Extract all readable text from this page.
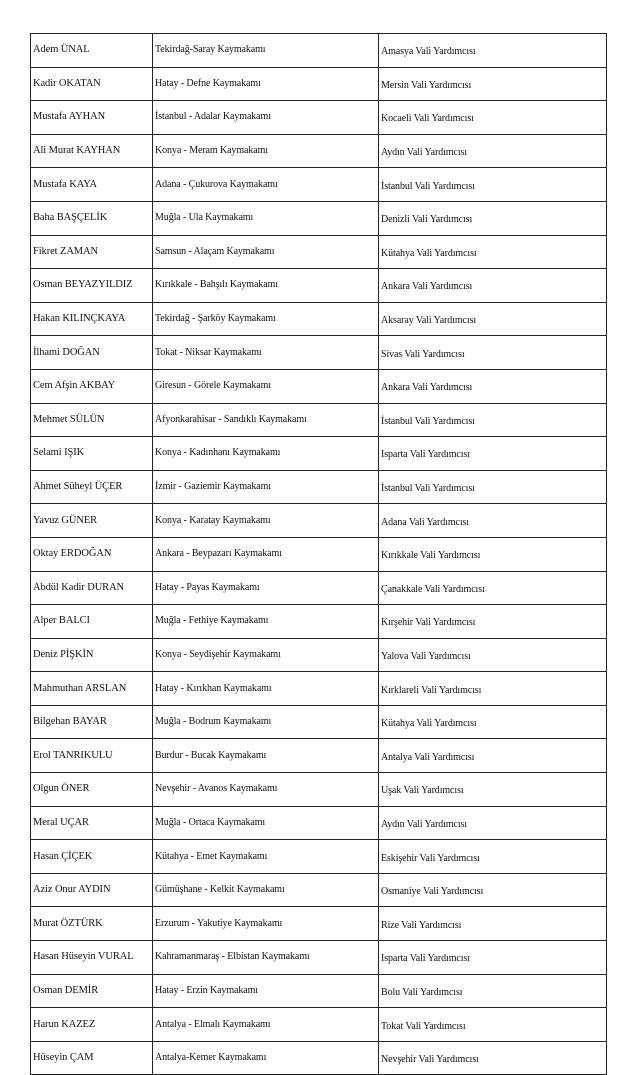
Adem ÜNAL	Tekirdağ-Saray Kaymakamı	Amasya Vali Yardımcısı
Kadir OKATAN	Hatay - Defne Kaymakamı	Mersin Vali Yardımcısı
Mustafa AYHAN	İstanbul - Adalar Kaymakamı	Kocaeli Vali Yardımcısı
Ali Murat KAYHAN	Konya - Meram Kaymakamı	Aydın Vali Yardımcısı
Mustafa KAYA	Adana - Çukurova Kaymakamı	İstanbul Vali Yardımcısı
Baha BAŞÇELİK	Muğla - Ula Kaymakamı	Denizli Vali Yardımcısı
Fikret ZAMAN	Samsun - Alaçam Kaymakamı	Kütahya Vali Yardımcısı
Osman BEYAZYILDIZ	Kırıkkale - Bahşılı Kaymakamı	Ankara Vali Yardımcısı
Hakan KILINÇKAYA	Tekirdağ - Şarköy Kaymakamı	Aksaray Vali Yardımcısı
İlhami DOĞAN	Tokat - Niksar Kaymakamı	Sivas Vali Yardımcısı
Cem Afşin AKBAY	Giresun - Görele Kaymakamı	Ankara Vali Yardımcısı
Mehmet SÜLÜN	Afyonkarahisar - Sandıklı Kaymakamı	İstanbul Vali Yardımcısı
Selami IŞIK	Konya - Kadınhanı Kaymakamı	Isparta Vali Yardımcısı
Ahmet Süheyl ÜÇER	İzmir - Gaziemir Kaymakamı	İstanbul Vali Yardımcısı
Yavuz GÜNER	Konya - Karatay Kaymakamı	Adana Vali Yardımcısı
Oktay ERDOĞAN	Ankara - Beypazarı Kaymakamı	Kırıkkale Vali Yardımcısı
Abdül Kadir DURAN	Hatay - Payas Kaymakamı	Çanakkale Vali Yardımcısı
Alper BALCI	Muğla - Fethiye Kaymakamı	Kırşehir Vali Yardımcısı
Deniz PİŞKİN	Konya - Seydişehir Kaymakamı	Yalova Vali Yardımcısı
Mahmuthan ARSLAN	Hatay - Kırıkhan Kaymakamı	Kırklareli Vali Yardımcısı
Bilgehan BAYAR	Muğla - Bodrum Kaymakamı	Kütahya Vali Yardımcısı
Erol TANRIKULU	Burdur - Bucak Kaymakamı	Antalya Vali Yardımcısı
Olgun ÖNER	Nevşehir - Avanos Kaymakamı	Uşak Vali Yardımcısı
Meral UÇAR	Muğla - Ortaca Kaymakamı	Aydın Vali Yardımcısı
Hasan ÇİÇEK	Kütahya - Emet Kaymakamı	Eskişehir Vali Yardımcısı
Aziz Onur AYDIN	Gümüşhane - Kelkit Kaymakamı	Osmaniye Vali Yardımcısı
Murat ÖZTÜRK	Erzurum - Yakutiye Kaymakamı	Rize Vali Yardımcısı
Hasan Hüseyin VURAL	Kahramanmaraş - Elbistan Kaymakamı	Isparta Vali Yardımcısı
Osman DEMİR	Hatay - Erzin Kaymakamı	Bolu Vali Yardımcısı
Harun KAZEZ	Antalya - Elmalı Kaymakamı	Tokat Vali Yardımcısı
Hüseyin ÇAM	Antalya-Kemer Kaymakamı	Nevşehir Vali Yardımcısı
